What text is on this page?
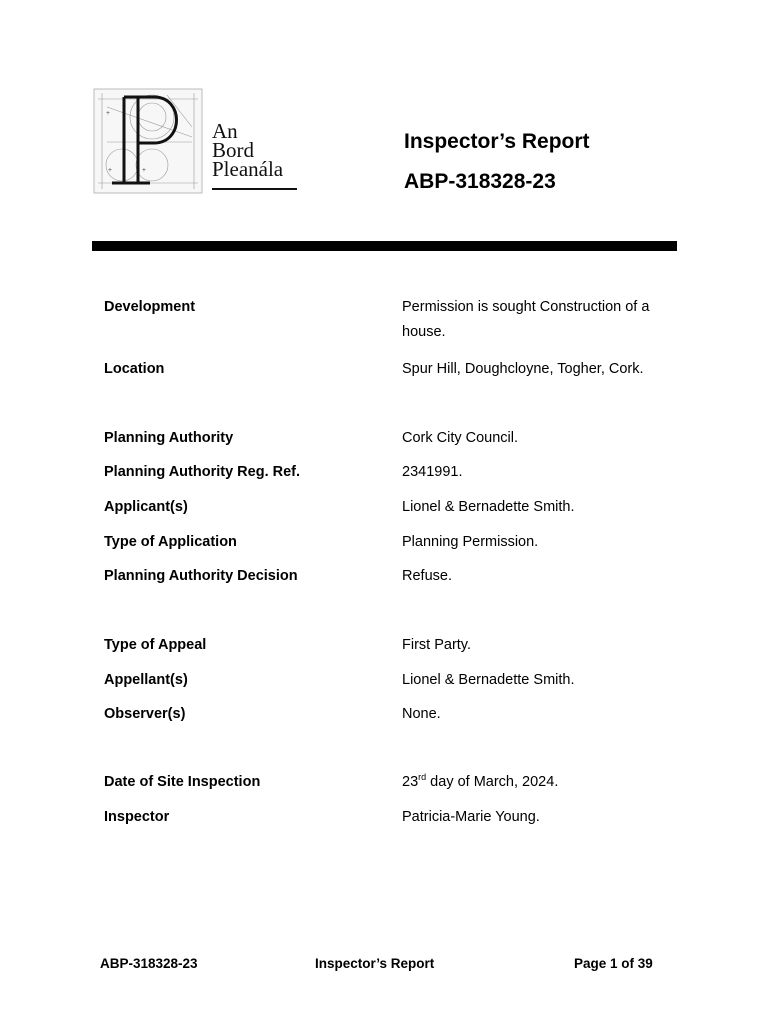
+
+	+
An
Bord
Pleanála
Inspector’s Report
ABP-318328-23
Development	Permission is sought Construction of a house.
Location	Spur Hill, Doughcloyne, Togher, Cork.
Planning Authority	Cork City Council.
Planning Authority Reg. Ref.	2341991.
Applicant(s)	Lionel & Bernadette Smith.
Type of Application	Planning Permission.
Planning Authority Decision	Refuse.
Type of Appeal	First Party.
Appellant(s)	Lionel & Bernadette Smith.
Observer(s)	None.
Date of Site Inspection	23rd day of March, 2024.
Inspector	Patricia-Marie Young.
ABP-318328-23	Inspector’s Report	Page 1 of 39
